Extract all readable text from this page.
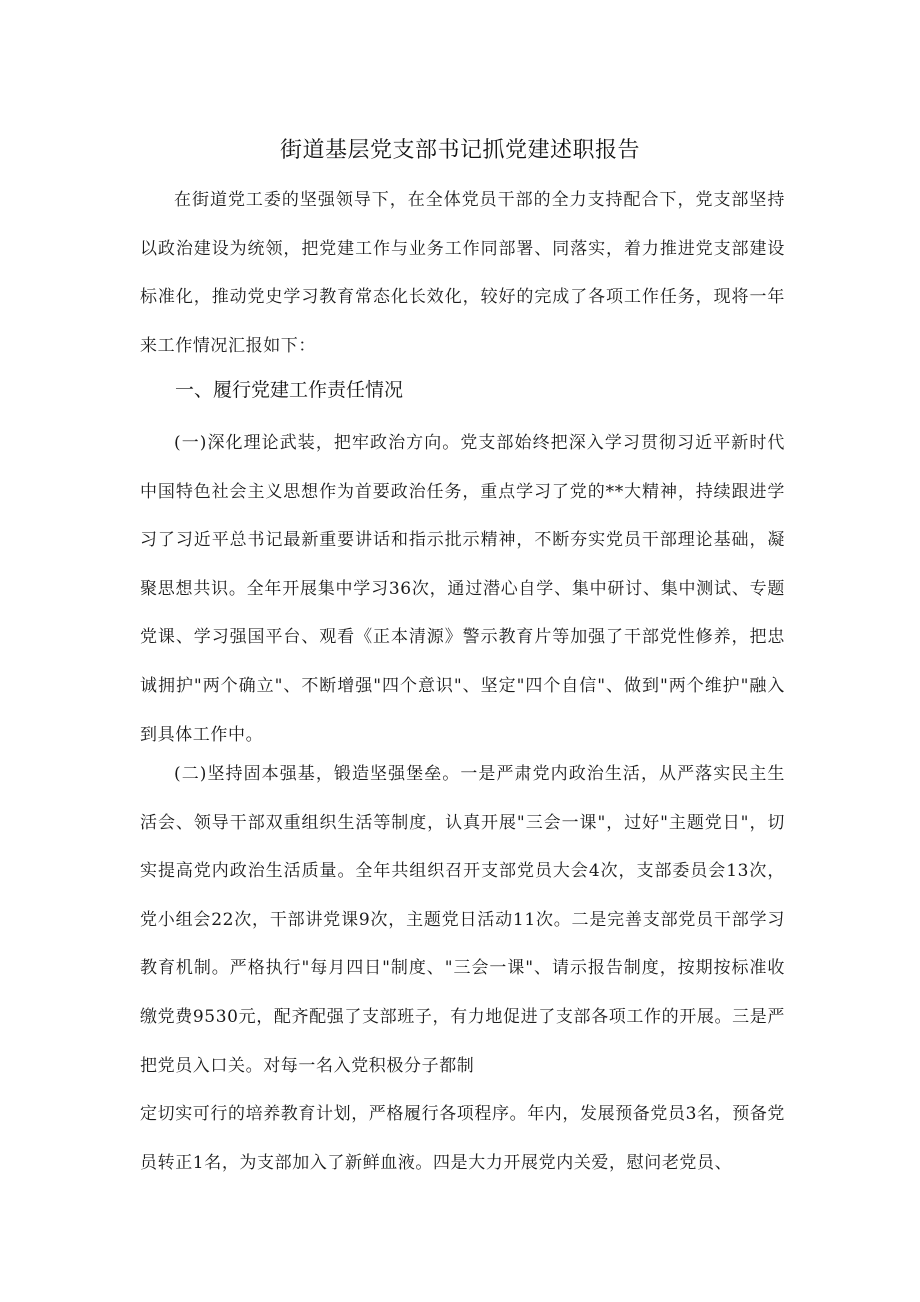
街道基层党支部书记抓党建述职报告

在街道党工委的坚强领导下，在全体党员干部的全力支持配合下，党支部坚持以政治建设为统领，把党建工作与业务工作同部署、同落实，着力推进党支部建设标准化，推动党史学习教育常态化长效化，较好的完成了各项工作任务，现将一年来工作情况汇报如下：

一、履行党建工作责任情况

(一)深化理论武装，把牢政治方向。党支部始终把深入学习贯彻习近平新时代中国特色社会主义思想作为首要政治任务，重点学习了党的**大精神，持续跟进学习了习近平总书记最新重要讲话和指示批示精神，不断夯实党员干部理论基础，凝聚思想共识。全年开展集中学习36次，通过潜心自学、集中研讨、集中测试、专题党课、学习强国平台、观看《正本清源》警示教育片等加强了干部党性修养，把忠诚拥护"两个确立"、不断增强"四个意识"、坚定"四个自信"、做到"两个维护"融入到具体工作中。

(二)坚持固本强基，锻造坚强堡垒。一是严肃党内政治生活，从严落实民主生活会、领导干部双重组织生活等制度，认真开展"三会一课"，过好"主题党日"，切实提高党内政治生活质量。全年共组织召开支部党员大会4次，支部委员会13次，党小组会22次，干部讲党课9次，主题党日活动11次。二是完善支部党员干部学习教育机制。严格执行"每月四日"制度、"三会一课"、请示报告制度，按期按标准收缴党费9530元，配齐配强了支部班子，有力地促进了支部各项工作的开展。三是严把党员入口关。对每一名入党积极分子都制

定切实可行的培养教育计划，严格履行各项程序。年内，发展预备党员3名，预备党员转正1名，为支部加入了新鲜血液。四是大力开展党内关爱，慰问老党员、
